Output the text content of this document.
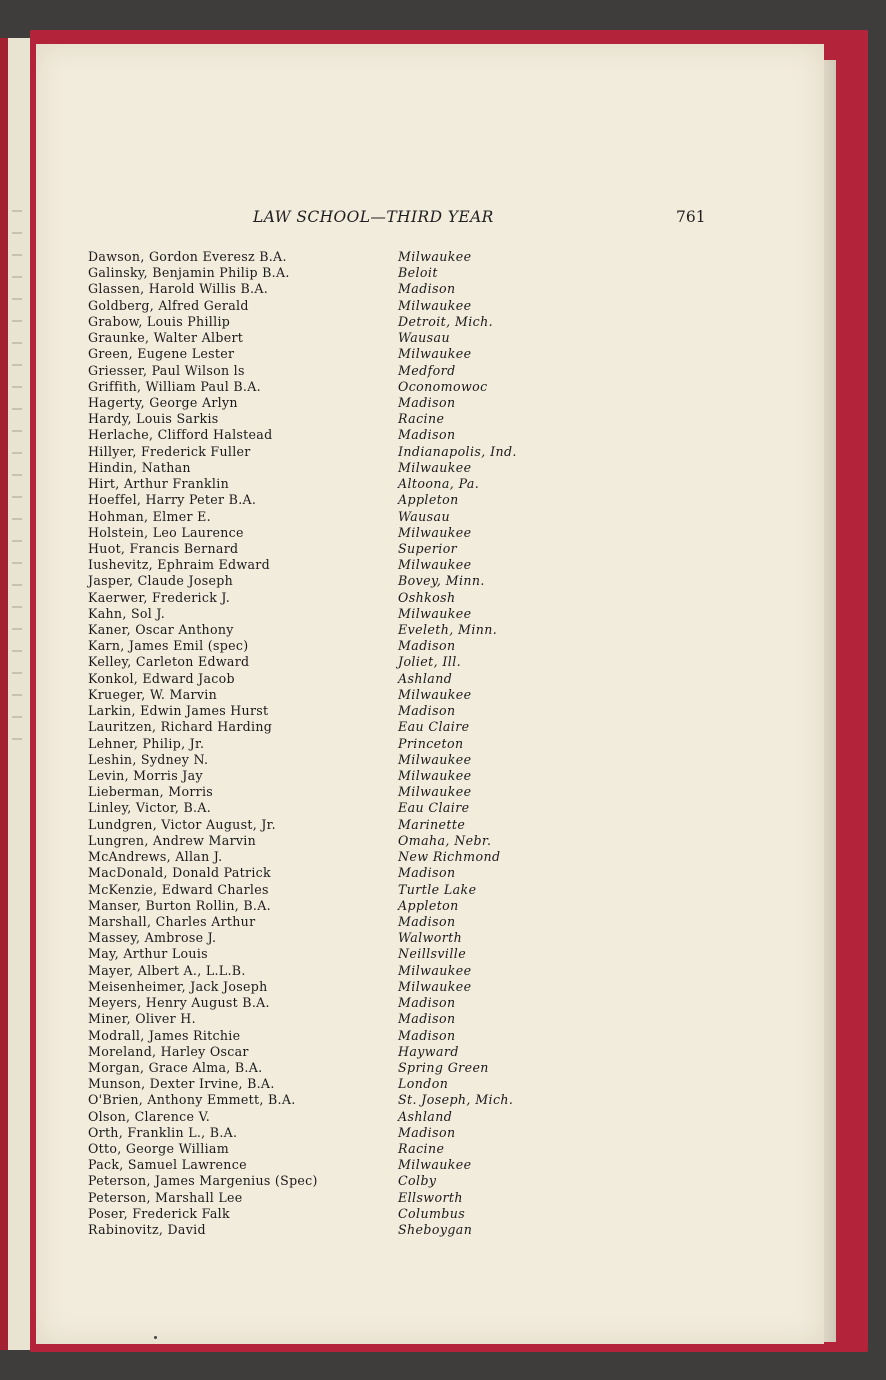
LAW SCHOOL—THIRD YEAR	761
Dawson, Gordon Everesz B.A.	Milwaukee
Galinsky, Benjamin Philip B.A.	Beloit
Glassen, Harold Willis B.A.	Madison
Goldberg, Alfred Gerald	Milwaukee
Grabow, Louis Phillip	Detroit, Mich.
Graunke, Walter Albert	Wausau
Green, Eugene Lester	Milwaukee
Griesser, Paul Wilson ls	Medford
Griffith, William Paul B.A.	Oconomowoc
Hagerty, George Arlyn	Madison
Hardy, Louis Sarkis	Racine
Herlache, Clifford Halstead	Madison
Hillyer, Frederick Fuller	Indianapolis, Ind.
Hindin, Nathan	Milwaukee
Hirt, Arthur Franklin	Altoona, Pa.
Hoeffel, Harry Peter B.A.	Appleton
Hohman, Elmer E.	Wausau
Holstein, Leo Laurence	Milwaukee
Huot, Francis Bernard	Superior
Iushevitz, Ephraim Edward	Milwaukee
Jasper, Claude Joseph	Bovey, Minn.
Kaerwer, Frederick J.	Oshkosh
Kahn, Sol J.	Milwaukee
Kaner, Oscar Anthony	Eveleth, Minn.
Karn, James Emil (spec)	Madison
Kelley, Carleton Edward	Joliet, Ill.
Konkol, Edward Jacob	Ashland
Krueger, W. Marvin	Milwaukee
Larkin, Edwin James Hurst	Madison
Lauritzen, Richard Harding	Eau Claire
Lehner, Philip, Jr.	Princeton
Leshin, Sydney N.	Milwaukee
Levin, Morris Jay	Milwaukee
Lieberman, Morris	Milwaukee
Linley, Victor, B.A.	Eau Claire
Lundgren, Victor August, Jr.	Marinette
Lungren, Andrew Marvin	Omaha, Nebr.
McAndrews, Allan J.	New Richmond
MacDonald, Donald Patrick	Madison
McKenzie, Edward Charles	Turtle Lake
Manser, Burton Rollin, B.A.	Appleton
Marshall, Charles Arthur	Madison
Massey, Ambrose J.	Walworth
May, Arthur Louis	Neillsville
Mayer, Albert A., L.L.B.	Milwaukee
Meisenheimer, Jack Joseph	Milwaukee
Meyers, Henry August B.A.	Madison
Miner, Oliver H.	Madison
Modrall, James Ritchie	Madison
Moreland, Harley Oscar	Hayward
Morgan, Grace Alma, B.A.	Spring Green
Munson, Dexter Irvine, B.A.	London
O'Brien, Anthony Emmett, B.A.	St. Joseph, Mich.
Olson, Clarence V.	Ashland
Orth, Franklin L., B.A.	Madison
Otto, George William	Racine
Pack, Samuel Lawrence	Milwaukee
Peterson, James Margenius (Spec)	Colby
Peterson, Marshall Lee	Ellsworth
Poser, Frederick Falk	Columbus
Rabinovitz, David	Sheboygan
